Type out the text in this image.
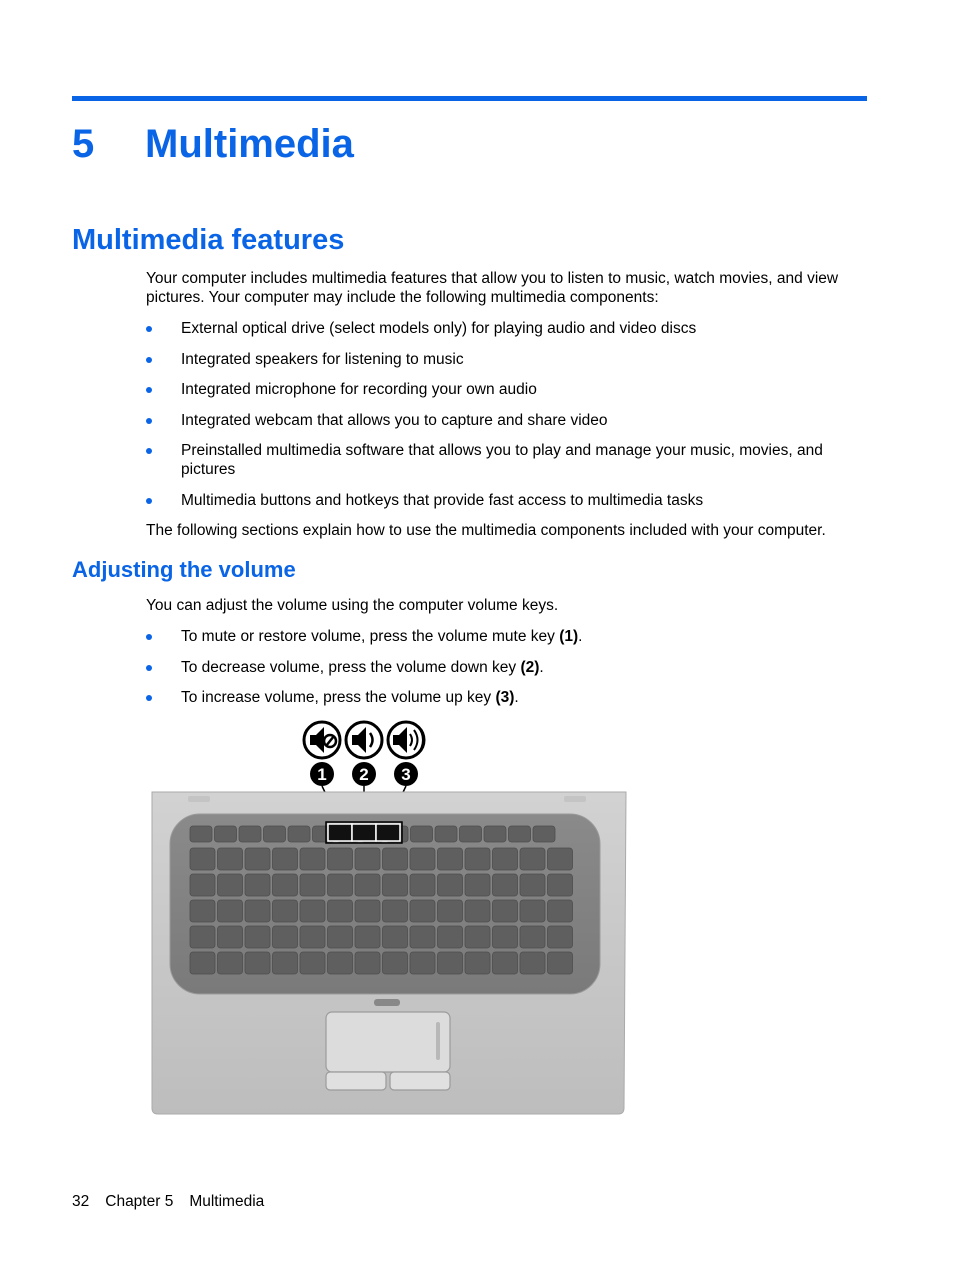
5 Multimedia
Multimedia features

Your computer includes multimedia features that allow you to listen to music, watch movies, and view pictures. Your computer may include the following multimedia components:

External optical drive (select models only) for playing audio and video discs
Integrated speakers for listening to music
Integrated microphone for recording your own audio
Integrated webcam that allows you to capture and share video
Preinstalled multimedia software that allows you to play and manage your music, movies, and pictures
Multimedia buttons and hotkeys that provide fast access to multimedia tasks

The following sections explain how to use the multimedia components included with your computer.

Adjusting the volume

You can adjust the volume using the computer volume keys.

To mute or restore volume, press the volume mute key (1).
To decrease volume, press the volume down key (2).
To increase volume, press the volume up key (3).
1 2 3
32 Chapter 5 Multimedia
